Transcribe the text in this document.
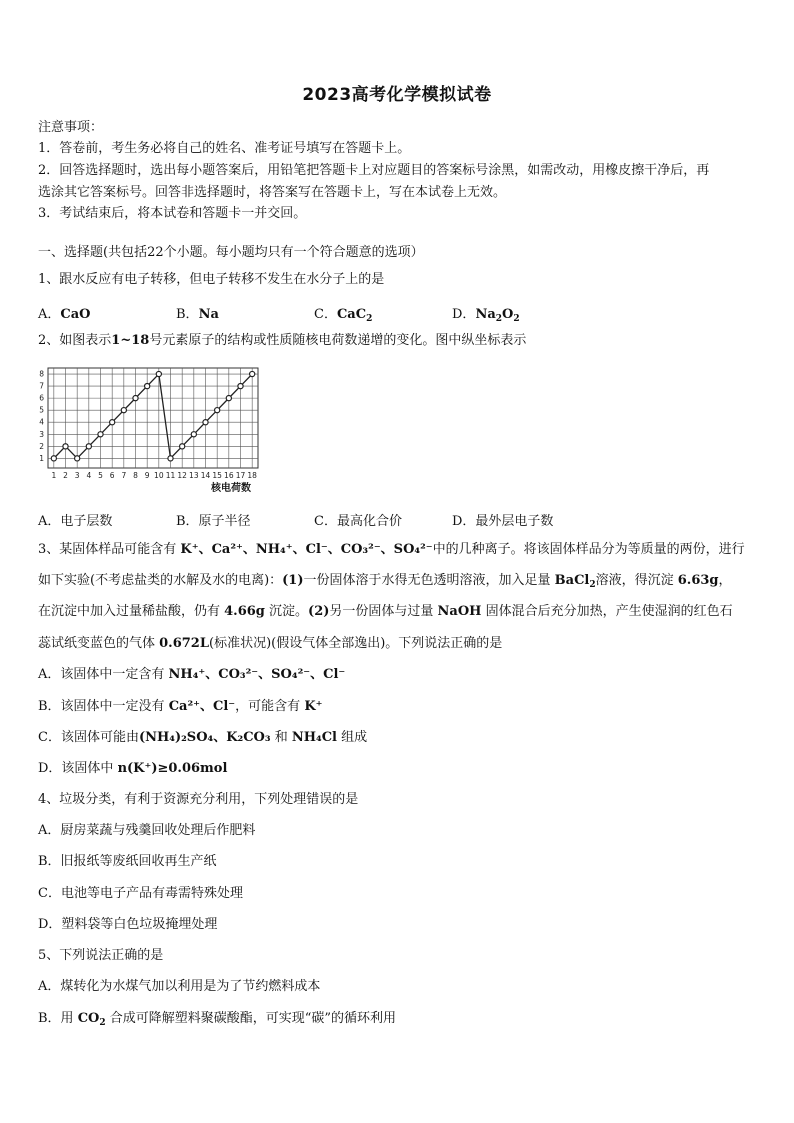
2023高考化学模拟试卷
注意事项：
1．答卷前，考生务必将自己的姓名、准考证号填写在答题卡上。
2．回答选择题时，选出每小题答案后，用铅笔把答题卡上对应题目的答案标号涂黑，如需改动，用橡皮擦干净后，再
选涂其它答案标号。回答非选择题时，将答案写在答题卡上，写在本试卷上无效。
3．考试结束后，将本试卷和答题卡一并交回。
一、选择题(共包括22个小题。每小题均只有一个符合题意的选项）
1、跟水反应有电子转移，但电子转移不发生在水分子上的是
A．CaO	B．Na	C．CaC$_2$	D．$Na_2O_2$
2、如图表示1~18号元素原子的结构或性质随核电荷数递增的变化。图中纵坐标表示
1 2 3 4 5 6 7 8 9 10 11 12 13 14 15 16 17 18
1
2
3
4
5
6
7
8
核电荷数
A．电子层数	B．原子半径	C．最高化合价	D．最外层电子数
3、某固体样品可能含有 K⁺、Ca²⁺、NH₄⁺、Cl⁻、CO₃²⁻、SO₄²⁻中的几种离子。将该固体样品分为等质量的两份，进行
如下实验(不考虑盐类的水解及水的电离)：(1)一份固体溶于水得无色透明溶液，加入足量 BaCl$_2$溶液，得沉淀 6.63g，
在沉淀中加入过量稀盐酸，仍有 4.66g 沉淀。(2)另一份固体与过量 NaOH 固体混合后充分加热，产生使湿润的红色石
蕊试纸变蓝色的气体 0.672L(标准状况)(假设气体全部逸出)。下列说法正确的是
A．该固体中一定含有 NH₄⁺、CO₃²⁻、SO₄²⁻、Cl⁻
B．该固体中一定没有 Ca²⁺、Cl⁻，可能含有 K⁺
C．该固体可能由(NH₄)₂SO₄、K₂CO₃ 和 NH₄Cl 组成
D．该固体中 n(K⁺)≥0.06mol
4、垃圾分类，有利于资源充分利用，下列处理错误的是
A．厨房菜蔬与残羹回收处理后作肥料
B．旧报纸等废纸回收再生产纸
C．电池等电子产品有毒需特殊处理
D．塑料袋等白色垃圾掩埋处理
5、下列说法正确的是
A．煤转化为水煤气加以利用是为了节约燃料成本
B．用 $CO_2$ 合成可降解塑料聚碳酸酯，可实现“碳”的循环利用
